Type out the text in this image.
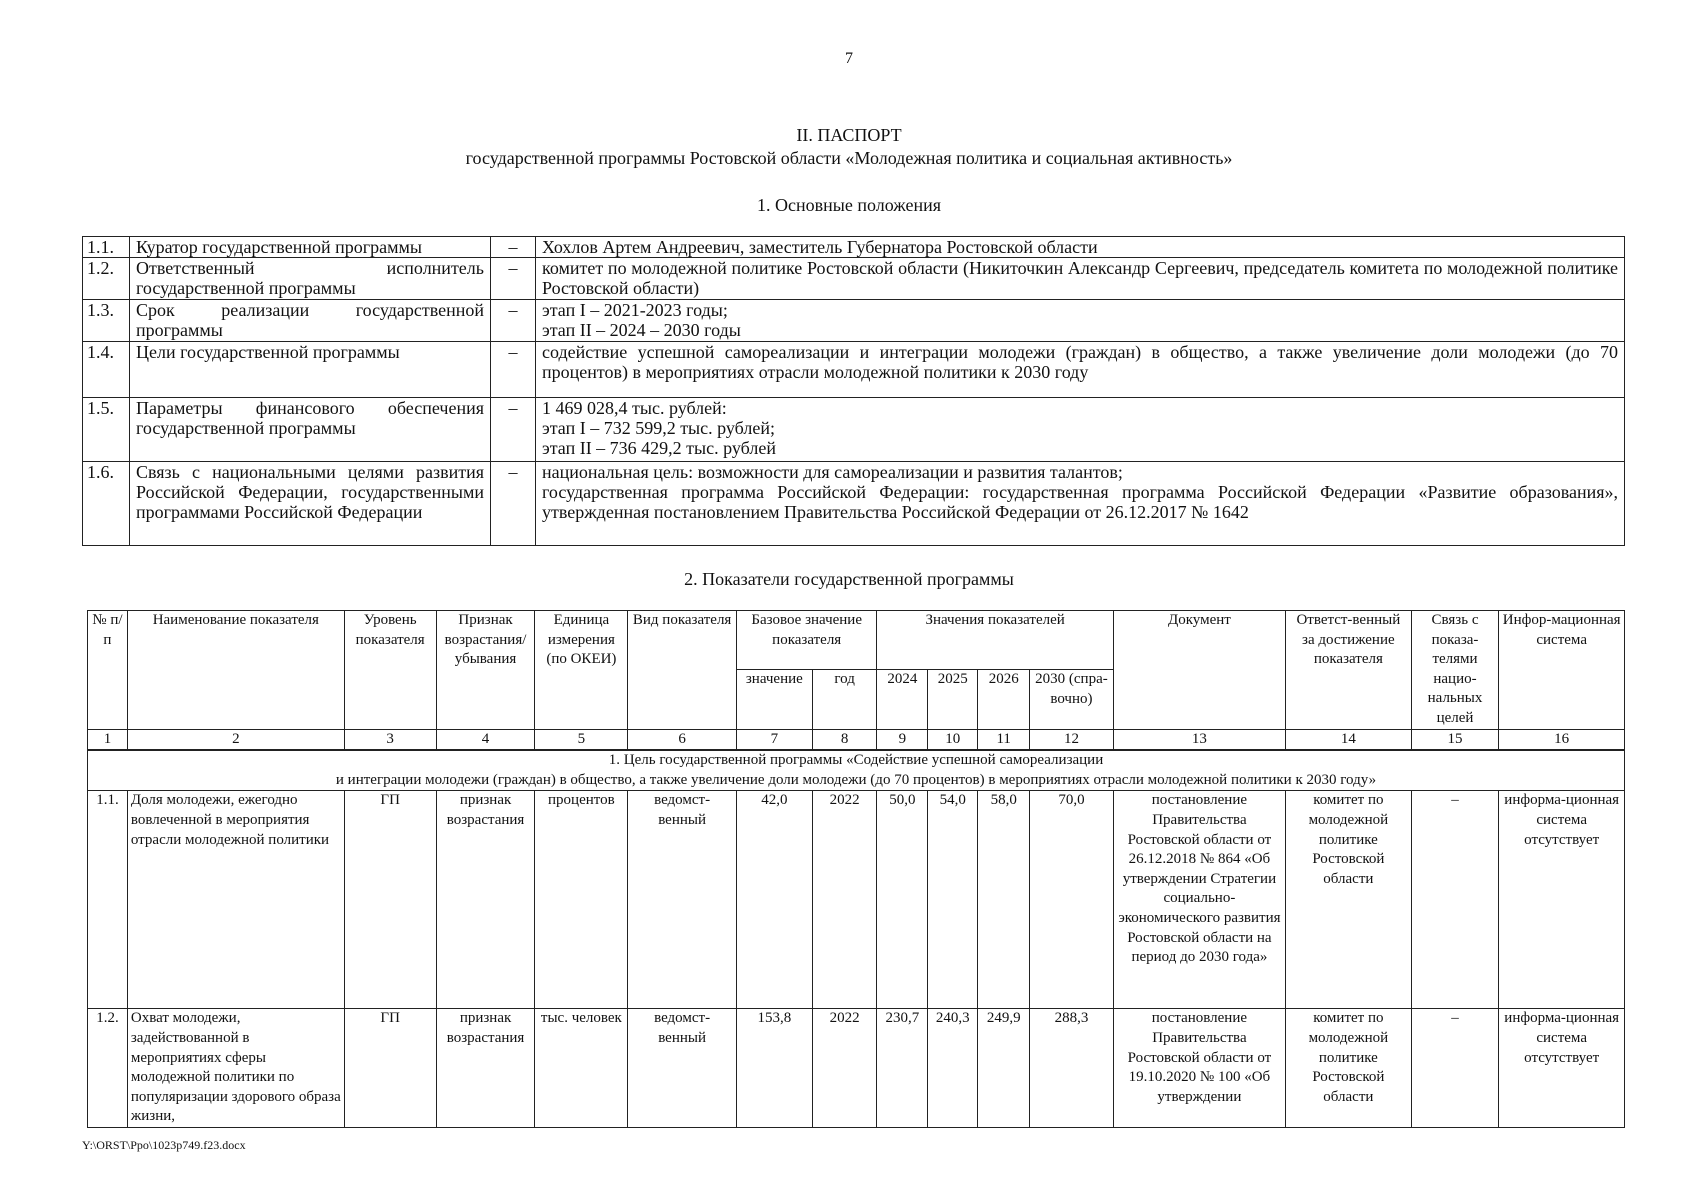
7
II. ПАСПОРТ
государственной программы Ростовской области «Молодежная политика и социальная активность»
1. Основные положения
1.1.	Куратор государственной программы	–	Хохлов Артем Андреевич, заместитель Губернатора Ростовской области
1.2.	Ответственный исполнитель государственной программы	–	комитет по молодежной политике Ростовской области (Никиточкин Александр Сергеевич, председатель комитета по молодежной политике Ростовской области)
1.3.	Срок реализации государственной программы	–	этап I – 2021-2023 годы;
этап II – 2024 – 2030 годы

1.4.	Цели государственной программы	–	содействие успешной самореализации и интеграции молодежи (граждан) в общество, а также увеличение доли молодежи (до 70 процентов) в мероприятиях отрасли молодежной политики к 2030 году
1.5.	Параметры финансового обеспечения государственной программы	–	1 469 028,4 тыс. рублей:
этап I – 732 599,2 тыс. рублей;
этап II – 736 429,2 тыс. рублей

1.6.	Связь с национальными целями развития Российской Федерации, государственными программами Российской Федерации	–	национальная цель: возможности для самореализации и развития талантов;
государственная программа Российской Федерации: государственная программа Российской Федерации «Развитие образования», утвержденная постановлением Правительства Российской Федерации от 26.12.2017 № 1642
2. Показатели государственной программы
№ п/п	Наименование показателя	Уровень показателя	Признак возрастания/ убывания	Единица измерения (по ОКЕИ)	Вид показателя	Базовое значение показателя		Значения показателей				Документ	Ответст-венный за достижение показателя	Связь с показа-телями нацио-нальных целей	Инфор-мационная система
						значение	год	2024	2025	2026	2030 (спра-вочно)				
1	2	3	4	5	6	7	8	9	10	11	12	13	14	15	16

1. Цель государственной программы «Содействие успешной самореализации
и интеграции молодежи (граждан) в общество, а также увеличение доли молодежи (до 70 процентов) в мероприятиях отрасли молодежной политики к 2030 году»															

1.1.	Доля молодежи, ежегодно вовлеченной в мероприятия отрасли молодежной политики	ГП	признак возрастания	процентов	ведомст-венный	42,0	2022	50,0	54,0	58,0	70,0	постановление Правительства Ростовской области от 26.12.2018 № 864 «Об утверждении Стратегии социально-экономического развития Ростовской области на период до 2030 года»	комитет по молодежной политике Ростовской области	–	информа-ционная система отсутствует
1.2.	Охват молодежи, задействованной в мероприятиях сферы молодежной политики по популяризации здорового образа жизни,	ГП	признак возрастания	тыс. человек	ведомст-венный	153,8	2022	230,7	240,3	249,9	288,3	постановление Правительства Ростовской области от 19.10.2020 № 100 «Об утверждении	комитет по молодежной политике Ростовской области	–	информа-ционная система отсутствует
Y:\ORST\Ppo\1023p749.f23.docx
